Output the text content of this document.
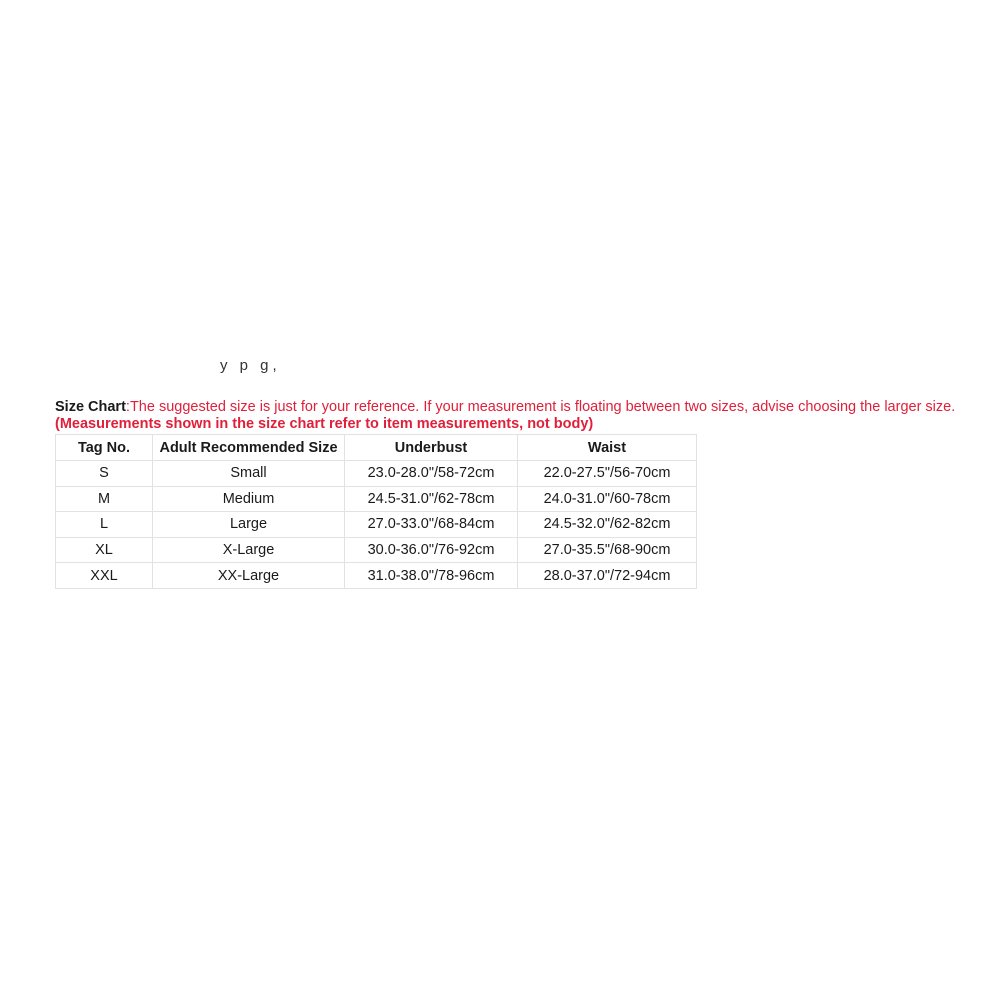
y p g,
Size Chart:The suggested size is just for your reference. If your measurement is floating between two sizes, advise choosing the larger size. (Measurements shown in the size chart refer to item measurements, not body)
Tag No.	Adult Recommended Size	Underbust	Waist
S	Small	23.0-28.0"/58-72cm	22.0-27.5"/56-70cm
M	Medium	24.5-31.0"/62-78cm	24.0-31.0"/60-78cm
L	Large	27.0-33.0"/68-84cm	24.5-32.0"/62-82cm
XL	X-Large	30.0-36.0"/76-92cm	27.0-35.5"/68-90cm
XXL	XX-Large	31.0-38.0"/78-96cm	28.0-37.0"/72-94cm
